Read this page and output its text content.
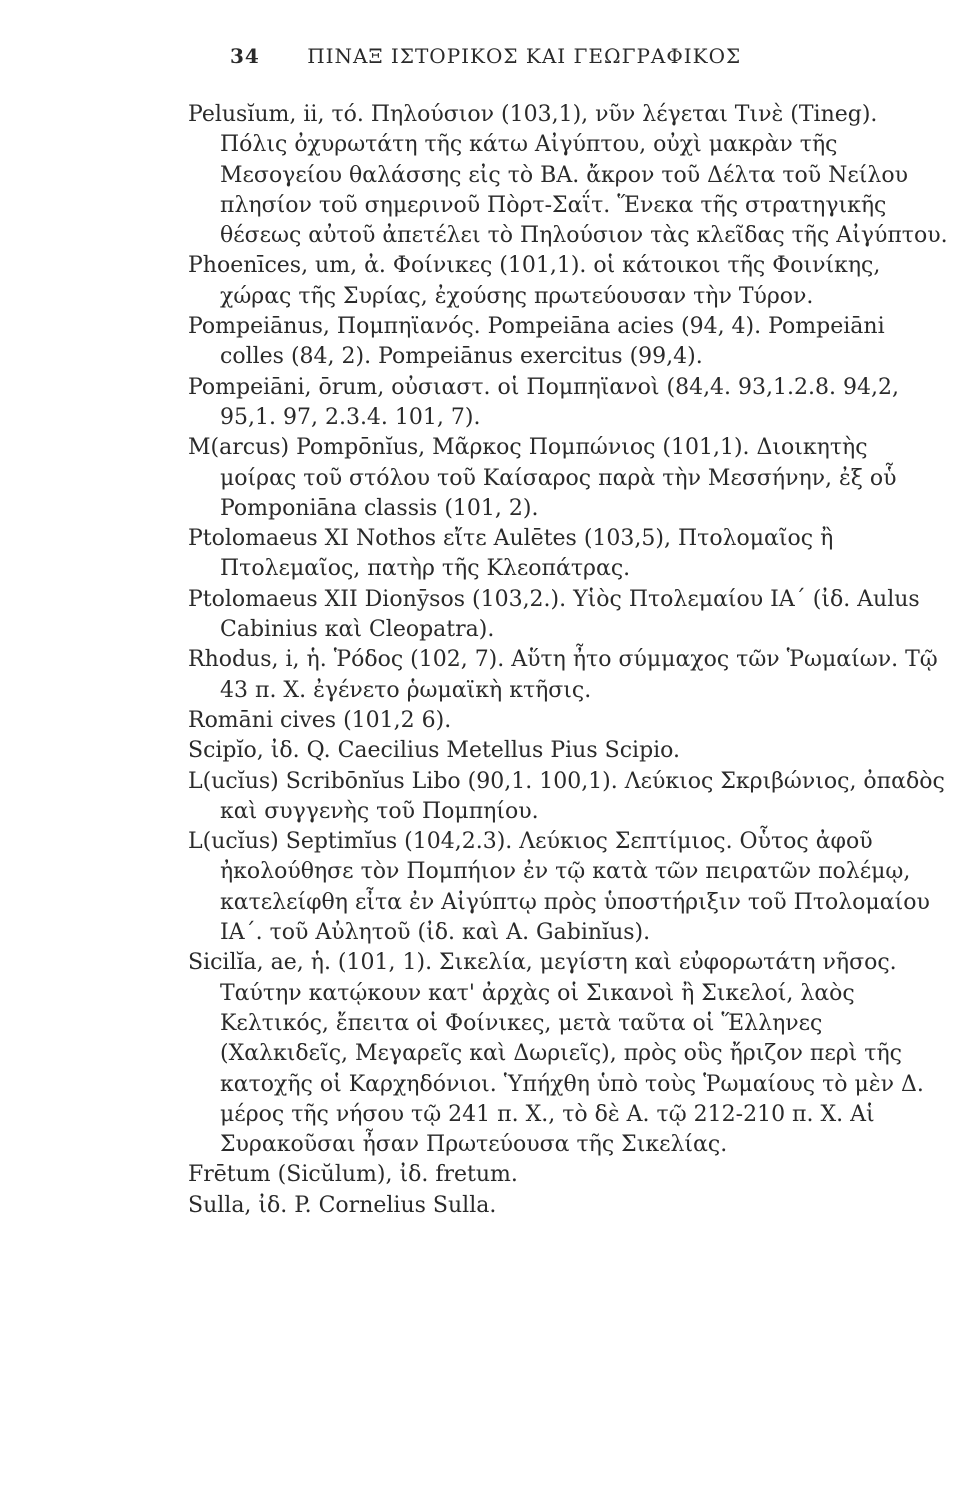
34 ΠΙΝΑΞ ΙΣΤΟΡΙΚΟΣ ΚΑΙ ΓΕΩΓΡΑΦΙΚΟΣ

Pelusĭum, ii, τό. Πηλούσιον (103,1), νῦν λέγεται Τινὲ (Tineg). Πόλις ὀχυρωτάτη τῆς κάτω Αἰγύπτου, οὐχὶ μακρὰν τῆς Μεσογείου θαλάσσης εἰς τὸ ΒΑ. ἄκρον τοῦ Δέλτα τοῦ Νείλου πλησίον τοῦ σημερινοῦ Πὸρτ-Σαΐτ. Ἕνεκα τῆς στρατηγικῆς θέσεως αὐτοῦ ἀπετέλει τὸ Πηλούσιον τὰς κλεῖδας τῆς Αἰγύπτου.

Phoenīces, um, ἀ. Φοίνικες (101,1). οἱ κάτοικοι τῆς Φοινίκης, χώρας τῆς Συρίας, ἐχούσης πρωτεύουσαν τὴν Τύρον.

Pompeiānus, Πομπηϊανός. Pompeiāna acies (94, 4). Pompeiāni colles (84, 2). Pompeiānus exercitus (99,4).

Pompeiāni, ōrum, οὐσιαστ. οἱ Πομπηϊανοὶ (84,4. 93,1.2.8. 94,2, 95,1. 97, 2.3.4. 101, 7).

M(arcus) Pompōnĭus, Μᾶρκος Πομπώνιος (101,1). Διοικητὴς μοίρας τοῦ στόλου τοῦ Καίσαρος παρὰ τὴν Μεσσήνην, ἐξ οὗ Pomponiāna classis (101, 2).

Ptolomaeus XI Nothos εἴτε Aulētes (103,5), Πτολομαῖος ἢ Πτολεμαῖος, πατὴρ τῆς Κλεοπάτρας.

Ptolomaeus XII Dionȳsos (103,2.). Υἱὸς Πτολεμαίου ΙΑ΄ (ἰδ. Aulus Cabinius καὶ Cleopatra).

Rhodus, i, ἡ. Ῥόδος (102, 7). Αὕτη ἦτο σύμμαχος τῶν Ῥωμαίων. Τῷ 43 π. Χ. ἐγένετο ῥωμαϊκὴ κτῆσις.

Romāni cives (101,2 6).

Scipĭo, ἰδ. Q. Caecilius Metellus Pius Scipio.

L(ucĭus) Scribōnĭus Libo (90,1. 100,1). Λεύκιος Σκριβώνιος, ὀπαδὸς καὶ συγγενὴς τοῦ Πομπηίου.

L(ucĭus) Septimĭus (104,2.3). Λεύκιος Σεπτίμιος. Οὗτος ἀφοῦ ἠκολούθησε τὸν Πομπήιον ἐν τῷ κατὰ τῶν πειρατῶν πολέμῳ, κατελείφθη εἶτα ἐν Αἰγύπτῳ πρὸς ὑποστήριξιν τοῦ Πτολομαίου ΙΑ΄. τοῦ Αὐλητοῦ (ἰδ. καὶ A. Gabinĭus).

Sicilĭa, ae, ἡ. (101, 1). Σικελία, μεγίστη καὶ εὐφορωτάτη νῆσος. Ταύτην κατῴκουν κατ' ἀρχὰς οἱ Σικανοὶ ἢ Σικελοί, λαὸς Κελτικός, ἔπειτα οἱ Φοίνικες, μετὰ ταῦτα οἱ Ἕλληνες (Χαλκιδεῖς, Μεγαρεῖς καὶ Δωριεῖς), πρὸς οὓς ἤριζον περὶ τῆς κατοχῆς οἱ Καρχηδόνιοι. Ὑπήχθη ὑπὸ τοὺς Ῥωμαίους τὸ μὲν Δ. μέρος τῆς νήσου τῷ 241 π. Χ., τὸ δὲ Α. τῷ 212-210 π. Χ. Αἱ Συρακοῦσαι ἦσαν Πρωτεύουσα τῆς Σικελίας.

Frētum (Sicŭlum), ἰδ. fretum.

Sulla, ἰδ. P. Cornelius Sulla.
